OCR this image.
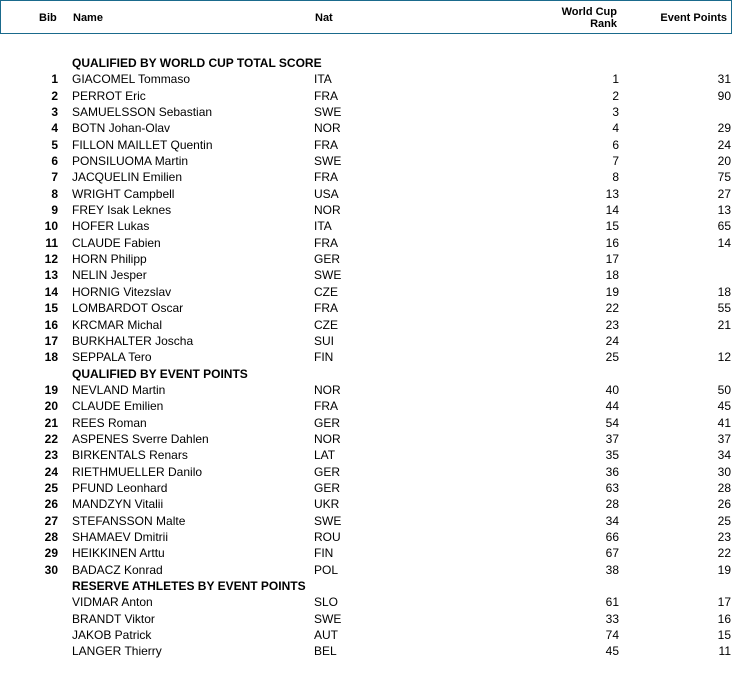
Bib Name	Nat	World Cup
Rank	Event Points
QUALIFIED BY WORLD CUP TOTAL SCORE
1 GIACOMEL Tommaso	ITA	1	31
2 PERROT Eric	FRA	2	90
3 SAMUELSSON Sebastian	SWE	3
4 BOTN Johan-Olav	NOR	4	29
5 FILLON MAILLET Quentin	FRA	6	24
6 PONSILUOMA Martin	SWE	7	20
7 JACQUELIN Emilien	FRA	8	75
8 WRIGHT Campbell	USA	13	27
9 FREY Isak Leknes	NOR	14	13
10 HOFER Lukas	ITA	15	65
11 CLAUDE Fabien	FRA	16	14
12 HORN Philipp	GER	17
13 NELIN Jesper	SWE	18
14 HORNIG Vitezslav	CZE	19	18
15 LOMBARDOT Oscar	FRA	22	55
16 KRCMAR Michal	CZE	23	21
17 BURKHALTER Joscha	SUI	24
18 SEPPALA Tero	FIN	25	12
QUALIFIED BY EVENT POINTS
19 NEVLAND Martin	NOR	40	50
20 CLAUDE Emilien	FRA	44	45
21 REES Roman	GER	54	41
22 ASPENES Sverre Dahlen	NOR	37	37
23 BIRKENTALS Renars	LAT	35	34
24 RIETHMUELLER Danilo	GER	36	30
25 PFUND Leonhard	GER	63	28
26 MANDZYN Vitalii	UKR	28	26
27 STEFANSSON Malte	SWE	34	25
28 SHAMAEV Dmitrii	ROU	66	23
29 HEIKKINEN Arttu	FIN	67	22
30 BADACZ Konrad	POL	38	19
RESERVE ATHLETES BY EVENT POINTS
VIDMAR Anton	SLO	61	17
BRANDT Viktor	SWE	33	16
JAKOB Patrick	AUT	74	15
LANGER Thierry	BEL	45	11
